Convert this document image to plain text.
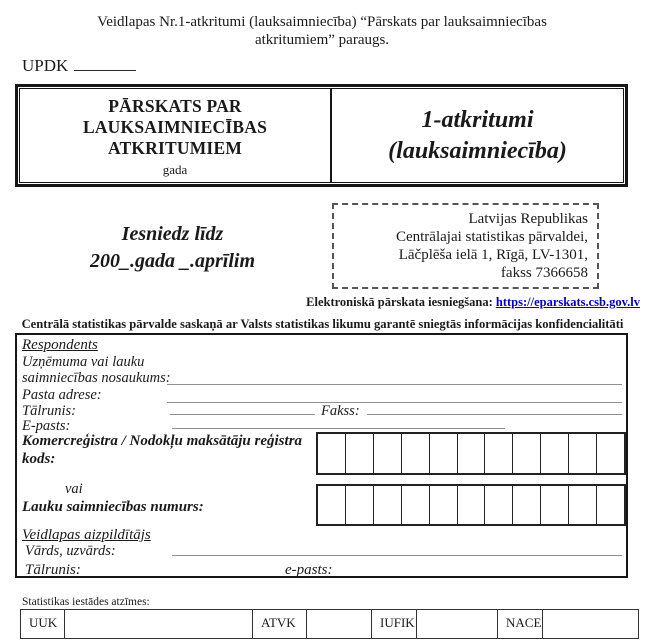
Veidlapas Nr.1-atkritumi (lauksaimniecība) “Pārskats par lauksaimniecības
atkritumiem” paraugs.
UPDK
PĀRSKATS PAR LAUKSAIMNIECĪBAS ATKRITUMIEM
gada
1-atkritumi
(lauksaimniecība)
Iesniedz līdz
200_.gada _.aprīlim
Latvijas Republikas
Centrālajai statistikas pārvaldei,
Lāčplēša ielā 1, Rīgā, LV-1301,
fakss 7366658
Elektroniskā pārskata iesniegšana: https://eparskats.csb.gov.lv
Centrālā statistikas pārvalde saskaņā ar Valsts statistikas likumu garantē sniegtās informācijas konfidencialitāti
Respondents
Uzņēmuma vai lauku
saimniecības nosaukums:
Pasta adrese:
Tālrunis:	Fakss:
E-pasts:
Komercreģistra / Nodokļu maksātāju reģistra
kods:
vai
Lauku saimniecības numurs:
Veidlapas aizpildītājs
Vārds, uzvārds:
Tālrunis:	e-pasts:
Statistikas iestādes atzīmes:
UUK	ATVK	IUFIK	NACE
